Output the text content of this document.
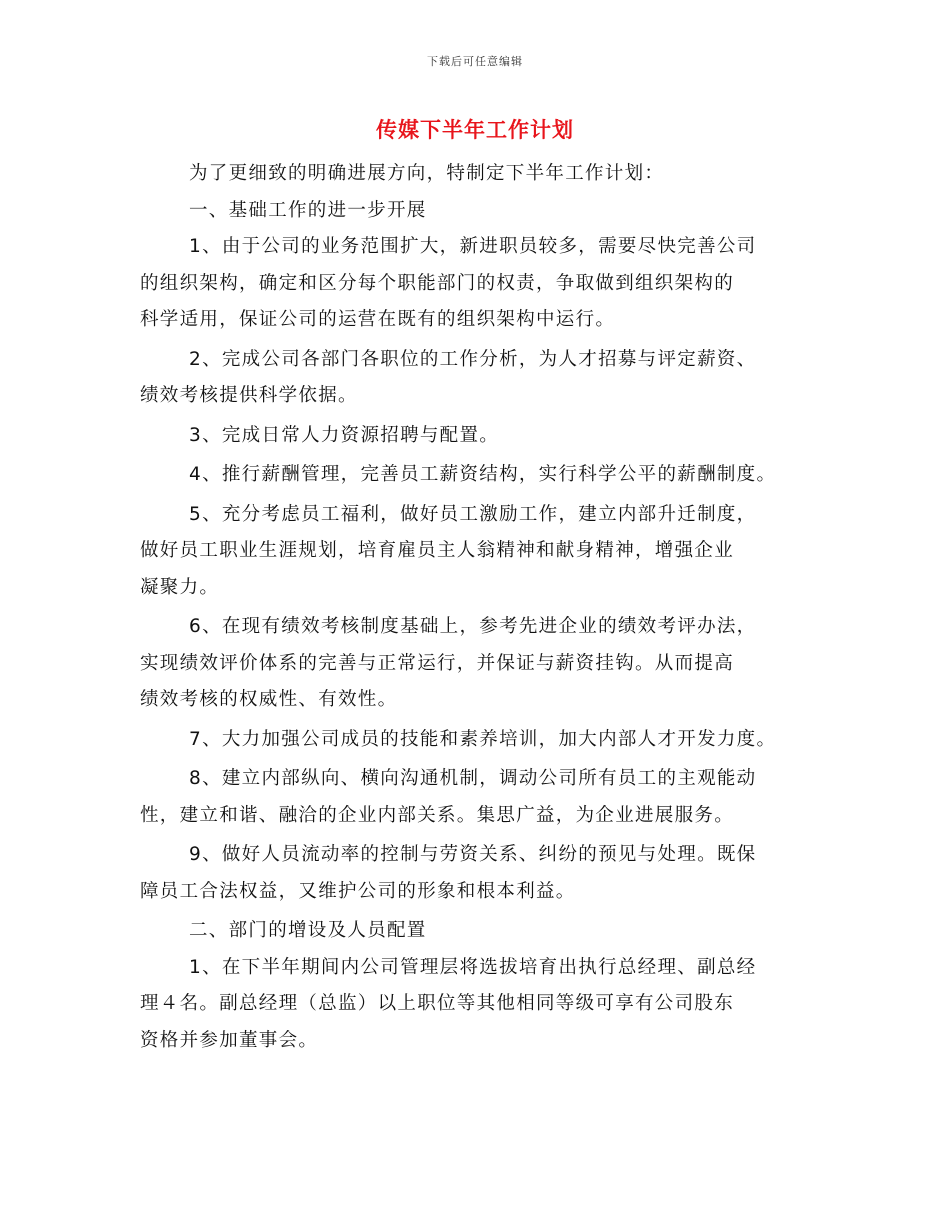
下载后可任意编辑
传媒下半年工作计划
为了更细致的明确进展方向，特制定下半年工作计划：
一、基础工作的进一步开展
1、由于公司的业务范围扩大，新进职员较多，需要尽快完善公司
的组织架构，确定和区分每个职能部门的权责，争取做到组织架构的
科学适用，保证公司的运营在既有的组织架构中运行。
2、完成公司各部门各职位的工作分析，为人才招募与评定薪资、
绩效考核提供科学依据。
3、完成日常人力资源招聘与配置。
4、推行薪酬管理，完善员工薪资结构，实行科学公平的薪酬制度。
5、充分考虑员工福利，做好员工激励工作，建立内部升迁制度，
做好员工职业生涯规划，培育雇员主人翁精神和献身精神，增强企业
凝聚力。
6、在现有绩效考核制度基础上，参考先进企业的绩效考评办法，
实现绩效评价体系的完善与正常运行，并保证与薪资挂钩。从而提高
绩效考核的权威性、有效性。
7、大力加强公司成员的技能和素养培训，加大内部人才开发力度。
8、建立内部纵向、横向沟通机制，调动公司所有员工的主观能动
性，建立和谐、融洽的企业内部关系。集思广益，为企业进展服务。
9、做好人员流动率的控制与劳资关系、纠纷的预见与处理。既保
障员工合法权益，又维护公司的形象和根本利益。
二、部门的增设及人员配置
1、在下半年期间内公司管理层将选拔培育出执行总经理、副总经
理４名。副总经理（总监）以上职位等其他相同等级可享有公司股东
资格并参加董事会。
